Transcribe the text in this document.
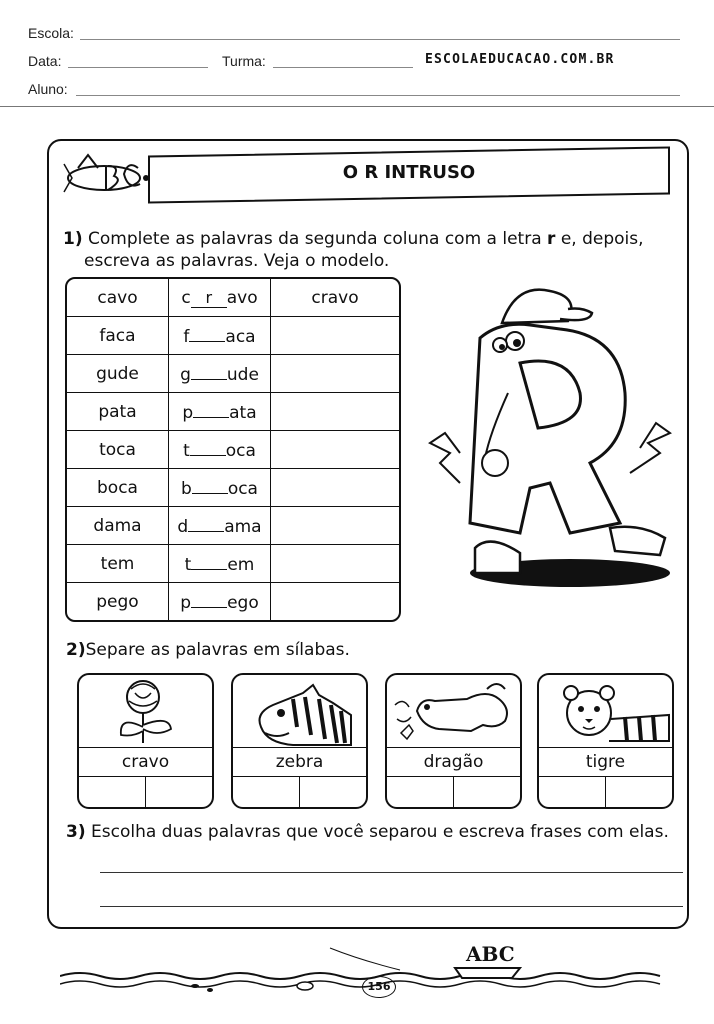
Escola:
Data:	Turma:	ESCOLAEDUCACAO.COM.BR
Aluno:
O R INTRUSO
1) Complete as palavras da segunda coluna com a letra r e, depois,
escreva as palavras. Veja o modelo.
cavo	c r avo	cravo
faca	f aca	
gude	g ude	
pata	p ata	
toca	t oca	
boca	b oca	
dama	d ama	
tem	t em	
pego	p ego	
2)Separe as palavras em sílabas.
cravo	zebra	dragão	tigre
3) Escolha duas palavras que você separou e escreva frases com elas.
ABC
156
